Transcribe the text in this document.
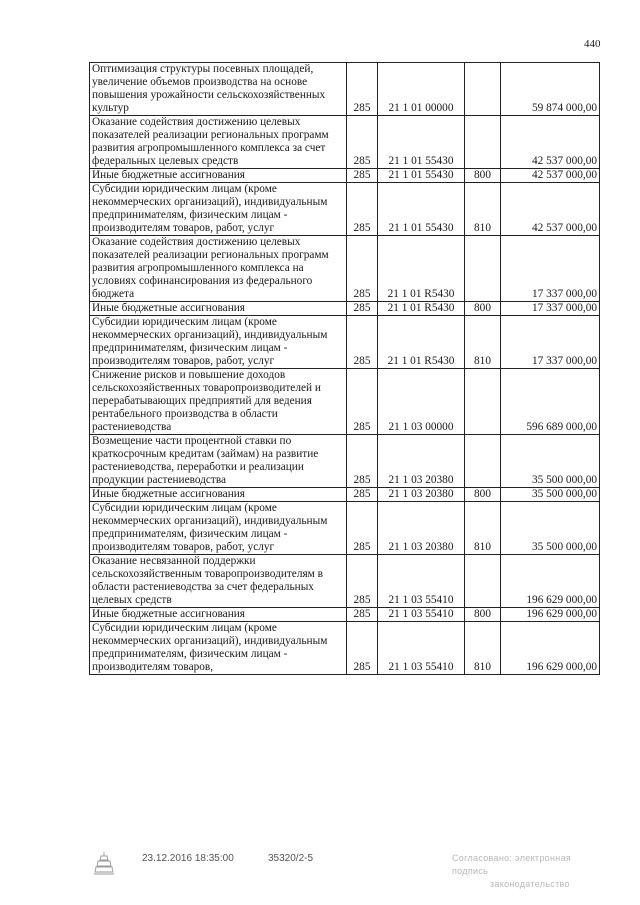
440
Оптимизация структуры посевных площадей, увеличение объемов производства на основе повышения урожайности сельскохозяйственных культур	285	21 1 01 00000		59 874 000,00
Оказание содействия достижению целевых показателей реализации региональных программ развития агропромышленного комплекса за счет федеральных целевых средств	285	21 1 01 55430		42 537 000,00
Иные бюджетные ассигнования	285	21 1 01 55430	800	42 537 000,00
Субсидии юридическим лицам (кроме некоммерческих организаций), индивидуальным предпринимателям, физическим лицам - производителям товаров, работ, услуг	285	21 1 01 55430	810	42 537 000,00
Оказание содействия достижению целевых показателей реализации региональных программ развития агропромышленного комплекса на условиях софинансирования из федерального бюджета	285	21 1 01 R5430		17 337 000,00
Иные бюджетные ассигнования	285	21 1 01 R5430	800	17 337 000,00
Субсидии юридическим лицам (кроме некоммерческих организаций), индивидуальным предпринимателям, физическим лицам - производителям товаров, работ, услуг	285	21 1 01 R5430	810	17 337 000,00
Снижение рисков и повышение доходов сельскохозяйственных товаропроизводителей и перерабатывающих предприятий для ведения рентабельного производства в области растениеводства	285	21 1 03 00000		596 689 000,00
Возмещение части процентной ставки по краткосрочным кредитам (займам) на развитие растениеводства, переработки и реализации продукции растениеводства	285	21 1 03 20380		35 500 000,00
Иные бюджетные ассигнования	285	21 1 03 20380	800	35 500 000,00
Субсидии юридическим лицам (кроме некоммерческих организаций), индивидуальным предпринимателям, физическим лицам - производителям товаров, работ, услуг	285	21 1 03 20380	810	35 500 000,00
Оказание несвязанной поддержки сельскохозяйственным товаропроизводителям в области растениеводства за счет федеральных целевых средств	285	21 1 03 55410		196 629 000,00
Иные бюджетные ассигнования	285	21 1 03 55410	800	196 629 000,00
Субсидии юридическим лицам (кроме некоммерческих организаций), индивидуальным предпринимателям, физическим лицам - производителям товаров,	285	21 1 03 55410	810	196 629 000,00
23.12.2016 18:35:00	35320/2-5	Согласовано: электронная подпись
законодательство
